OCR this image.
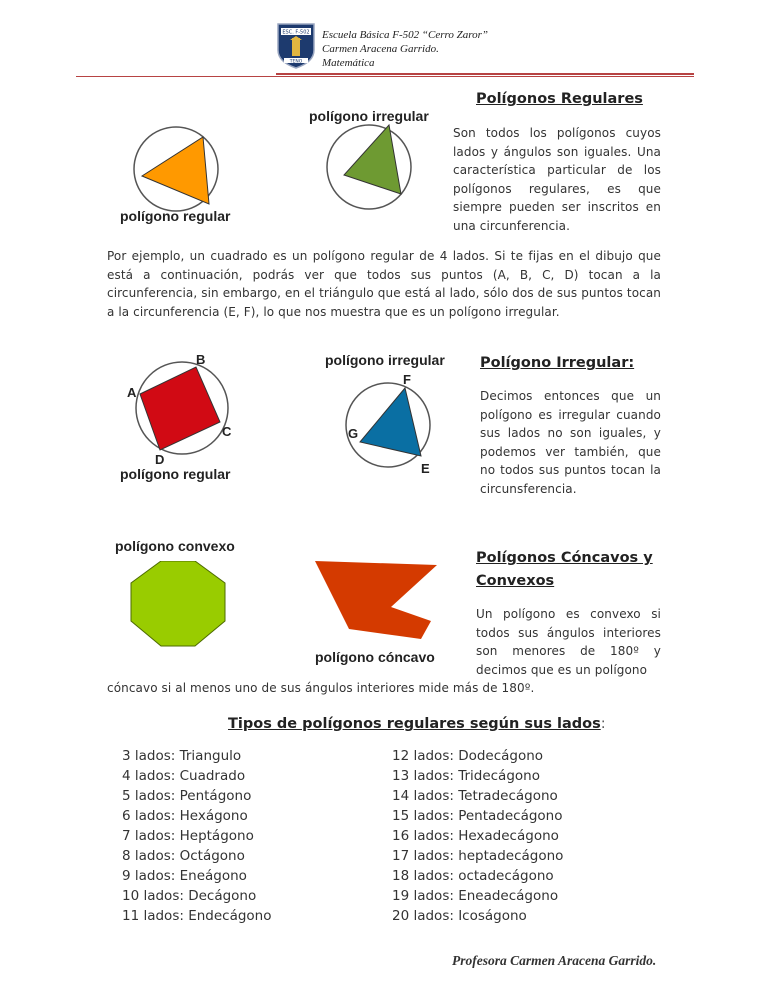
ESC. F-502
TENO
Escuela Básica F-502 “Cerro Zaror”
Carmen Aracena Garrido.
Matemática
polígono regular
polígono irregular
Polígonos Regulares
Son todos los polígonos cuyos lados y ángulos son iguales. Una característica particular de los polígonos regulares, es que siempre pueden ser inscritos en una circunferencia.
Por ejemplo, un cuadrado es un polígono regular de 4 lados. Si te fijas en el dibujo que está a continuación, podrás ver que todos sus puntos (A, B, C, D) tocan a la circunferencia, sin embargo, en el triángulo que está al lado, sólo dos de sus puntos tocan a la circunferencia (E, F), lo que nos muestra que es un polígono irregular.
B
A
C
D
polígono regular
polígono irregular
F
G
E
Polígono Irregular:
Decimos entonces que un polígono es irregular cuando sus lados no son iguales, y podemos ver también, que no todos sus puntos tocan la circunsferencia.
polígono convexo
polígono cóncavo
Polígonos Cóncavos y
Convexos
Un polígono es convexo si todos sus ángulos interiores son menores de 180º y decimos que es un polígono
cóncavo si al menos uno de sus ángulos interiores mide más de 180º.
Tipos de polígonos regulares según sus lados:
3 lados: Triangulo
4 lados: Cuadrado
5 lados: Pentágono
6 lados: Hexágono
7 lados: Heptágono
8 lados: Octágono
9 lados: Eneágono
10 lados: Decágono
11 lados: Endecágono
12 lados: Dodecágono
13 lados: Tridecágono
14 lados: Tetradecágono
15 lados: Pentadecágono
16 lados: Hexadecágono
17 lados: heptadecágono
18 lados: octadecágono
19 lados: Eneadecágono
20 lados: Icoságono
Profesora Carmen Aracena Garrido.
